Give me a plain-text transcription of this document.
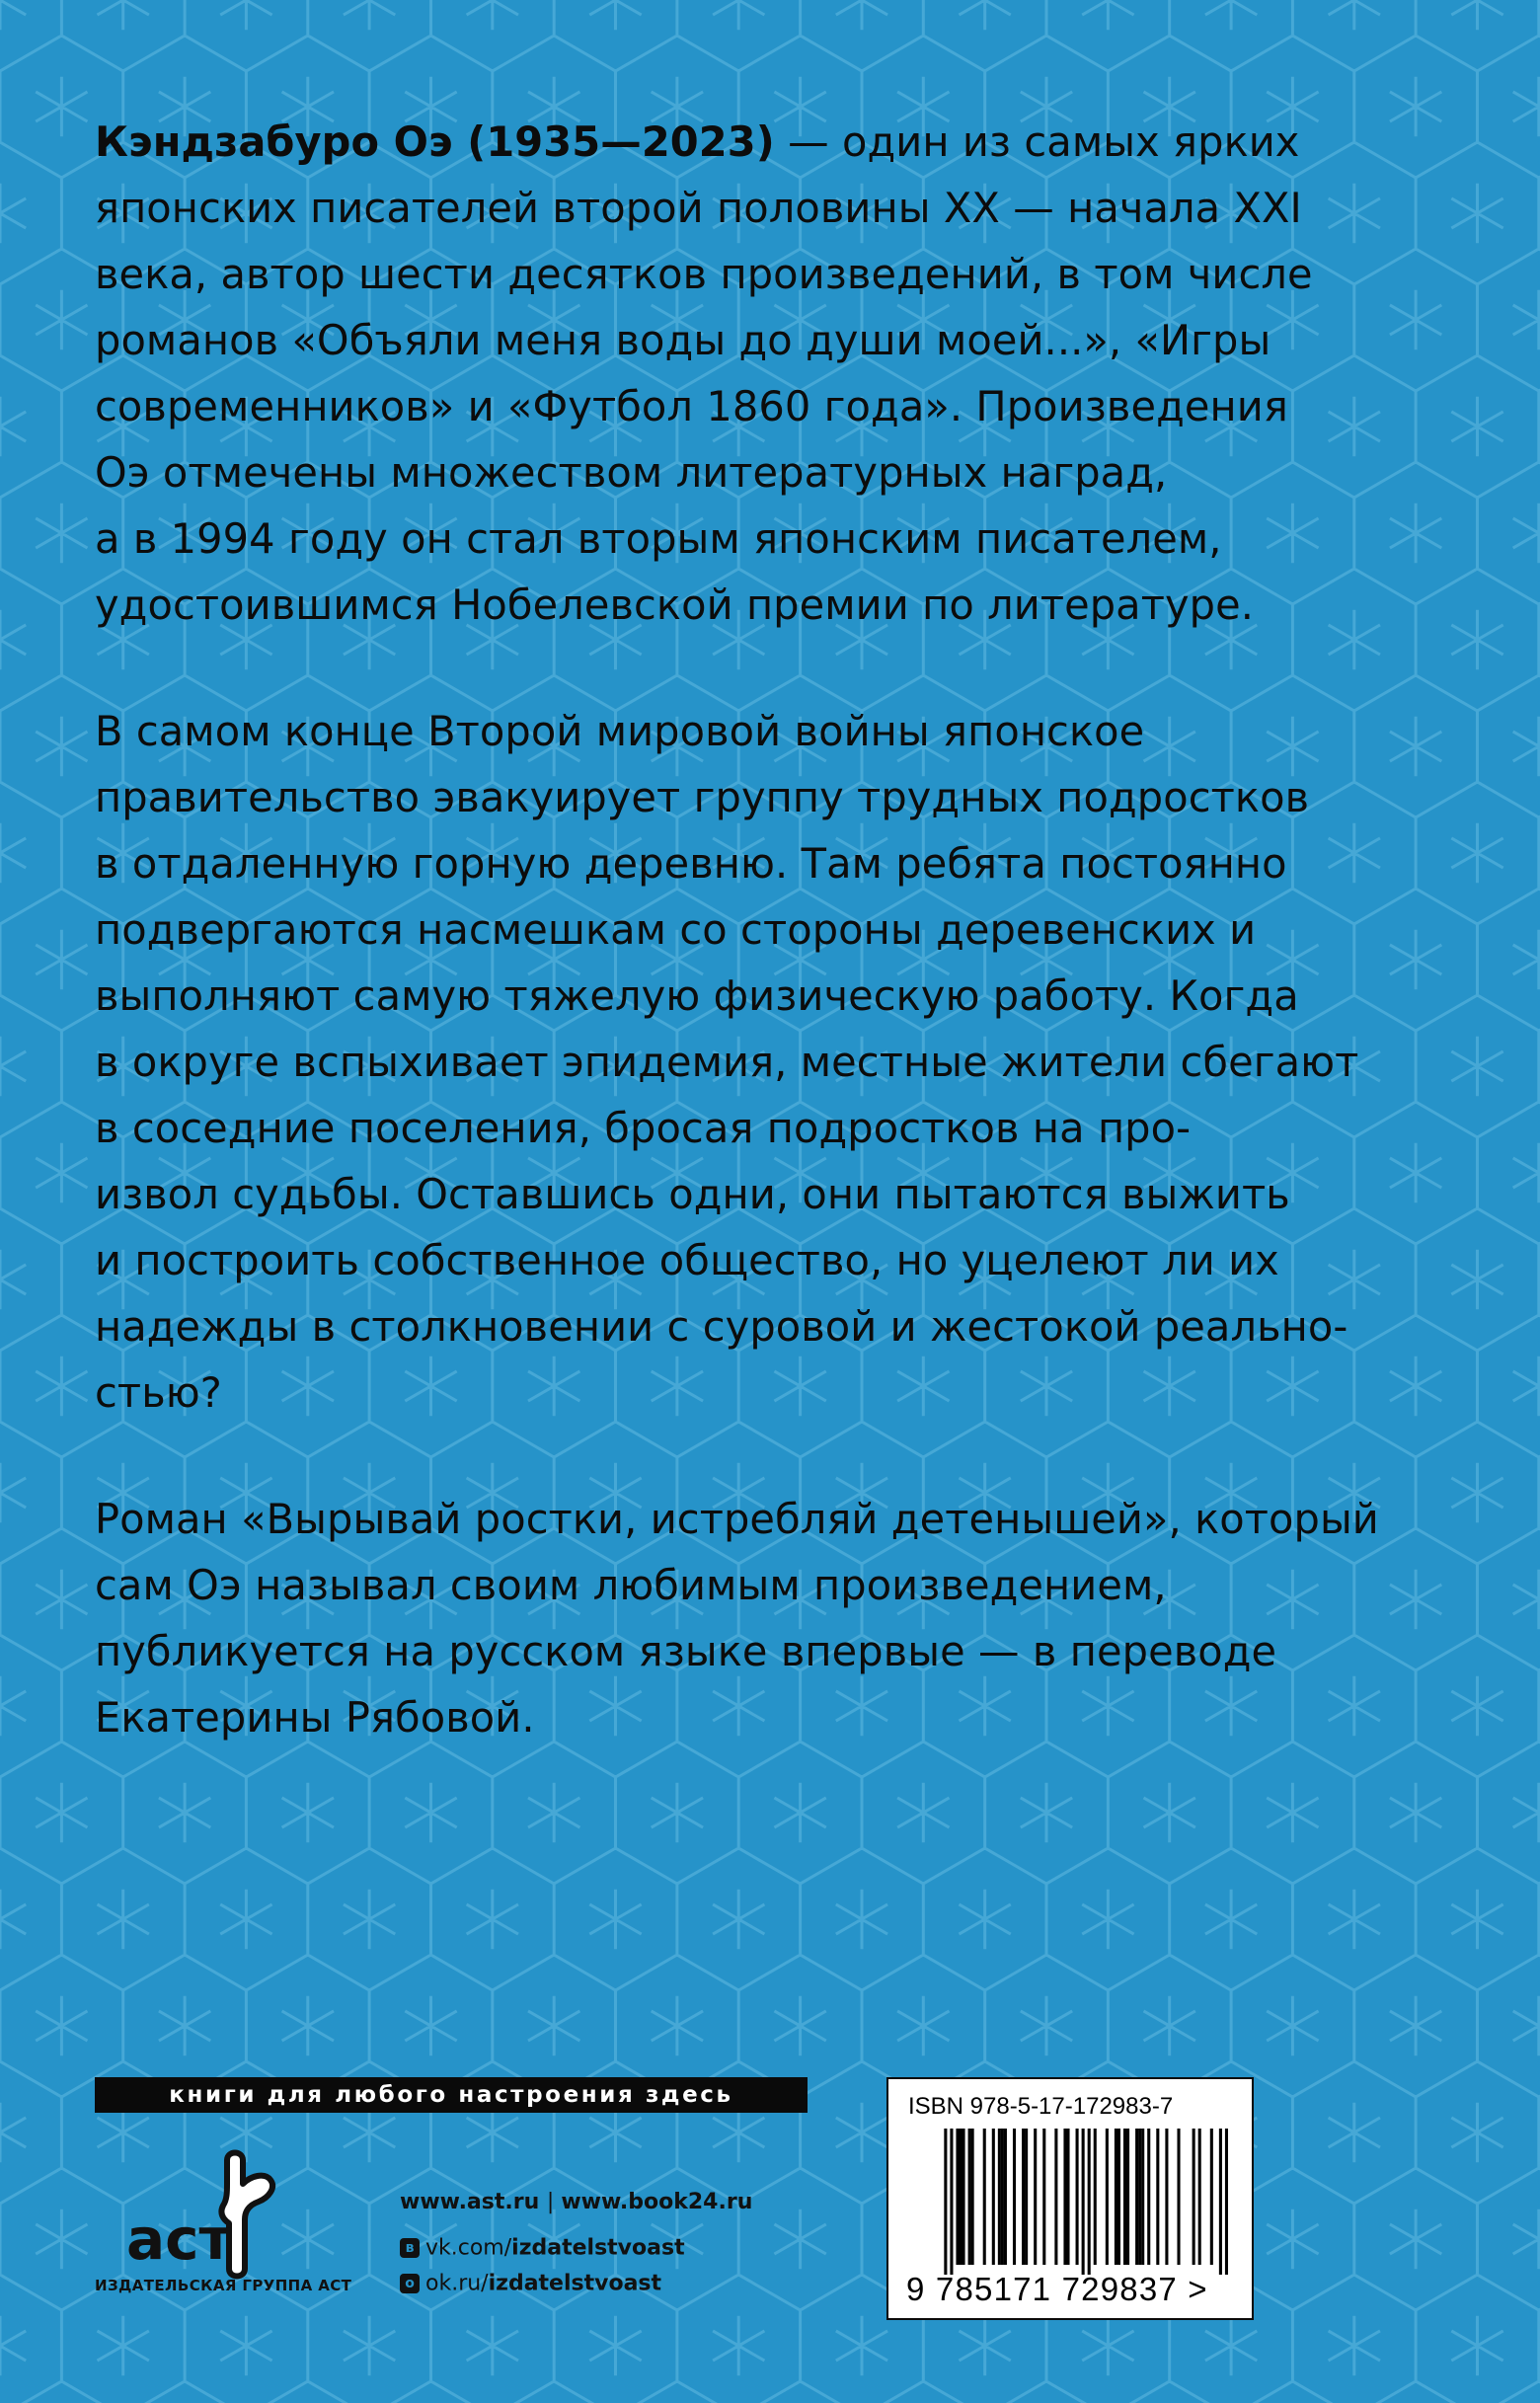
Кэндзабуро Оэ (1935—2023) — один из самых ярких
японских писателей второй половины XX — начала XXI
века, автор шести десятков произведений, в том числе
романов «Объяли меня воды до души моей...», «Игры
современников» и «Футбол 1860 года». Произведения
Оэ отмечены множеством литературных наград,
а в 1994 году он стал вторым японским писателем,
удостоившимся Нобелевской премии по литературе.
В самом конце Второй мировой войны японское
правительство эвакуирует группу трудных подростков
в отдаленную горную деревню. Там ребята постоянно
подвергаются насмешкам со стороны деревенских и
выполняют самую тяжелую физическую работу. Когда
в округе вспыхивает эпидемия, местные жители сбегают
в соседние поселения, бросая подростков на про-
извол судьбы. Оставшись одни, они пытаются выжить
и построить собственное общество, но уцелеют ли их
надежды в столкновении с суровой и жестокой реально-
стью?
Роман «Вырывай ростки, истребляй детенышей», который
сам Оэ называл своим любимым произведением,
публикуется на русском языке впервые — в переводе
Екатерины Рябовой.
книги для любого настроения здесь
аст
ИЗДАТЕЛЬСКАЯ ГРУППА АСТ
www.ast.ru | www.book24.ru
в vk.com/izdatelstvoast
о ok.ru/izdatelstvoast
ISBN 978-5-17-172983-7
9 785171 729837 >
